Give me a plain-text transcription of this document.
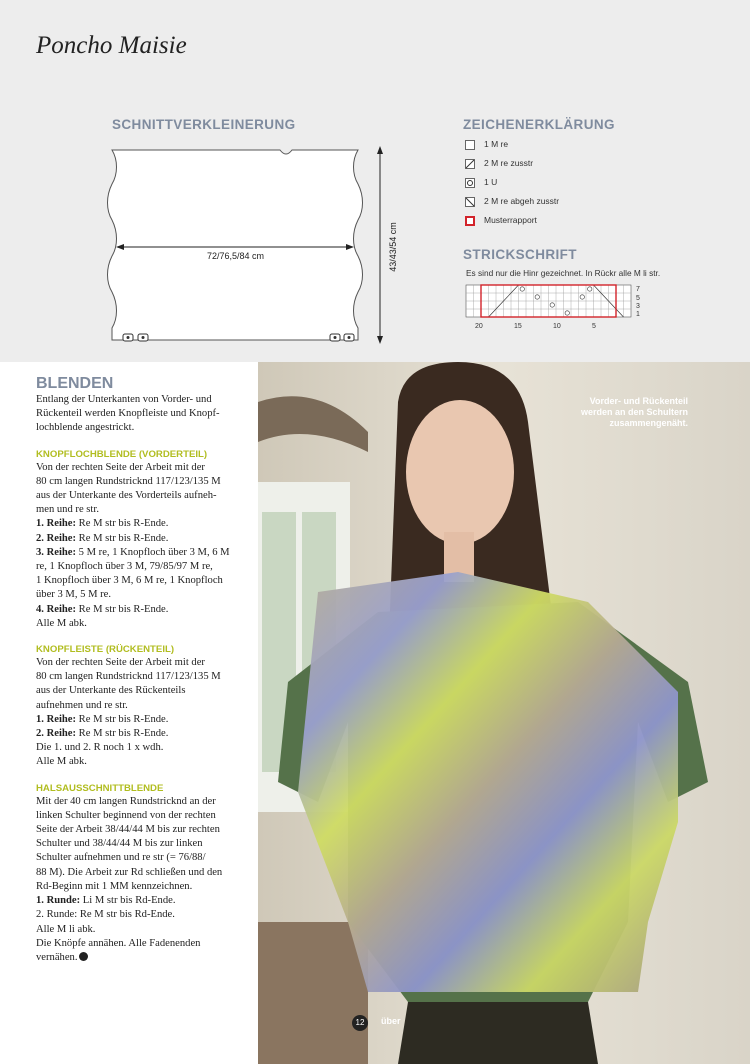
Poncho Maisie
SCHNITTVERKLEINERUNG
72/76,5/84 cm	43/43/54 cm
ZEICHENERKLÄRUNG
1 M re
2 M re zusstr
1 U
2 M re abgeh zusstr
Musterrapport
STRICKSCHRIFT
Es sind nur die Hinr gezeichnet. In Rückr alle M li str.
7
5
3
1
20	15	10	5
BLENDEN

Entlang der Unterkanten von Vorder- und
Rückenteil werden Knopfleiste und Knopf-
lochblende angestrickt.

KNOPFLOCHBLENDE (VORDERTEIL)

Von der rechten Seite der Arbeit mit der
80 cm langen Rundstricknd 117/123/135 M
aus der Unterkante des Vorderteils aufneh-
men und re str.
1. Reihe: Re M str bis R-Ende.
2. Reihe: Re M str bis R-Ende.
3. Reihe: 5 M re, 1 Knopfloch über 3 M, 6 M
re, 1 Knopfloch über 3 M, 79/85/97 M re,
1 Knopfloch über 3 M, 6 M re, 1 Knopfloch
über 3 M, 5 M re.
4. Reihe: Re M str bis R-Ende.
Alle M abk.

KNOPFLEISTE (RÜCKENTEIL)

Von der rechten Seite der Arbeit mit der
80 cm langen Rundstricknd 117/123/135 M
aus der Unterkante des Rückenteils
aufnehmen und re str.
1. Reihe: Re M str bis R-Ende.
2. Reihe: Re M str bis R-Ende.
Die 1. und 2. R noch 1 x wdh.
Alle M abk.

HALSAUSSCHNITTBLENDE

Mit der 40 cm langen Rundstricknd an der
linken Schulter beginnend von der rechten
Seite der Arbeit 38/44/44 M bis zur rechten
Schulter und 38/44/44 M bis zur linken
Schulter aufnehmen und re str (= 76/88/
88 M). Die Arbeit zur Rd schließen und den
Rd-Beginn mit 1 MM kennzeichnen.
1. Runde: Li M str bis Rd-Ende.
2. Runde: Re M str bis Rd-Ende.
Alle M li abk.
Die Knöpfe annähen. Alle Fadenenden
vernähen.

Vorder- und Rückenteil werden an den Schultern zusammengenäht.
12	über
